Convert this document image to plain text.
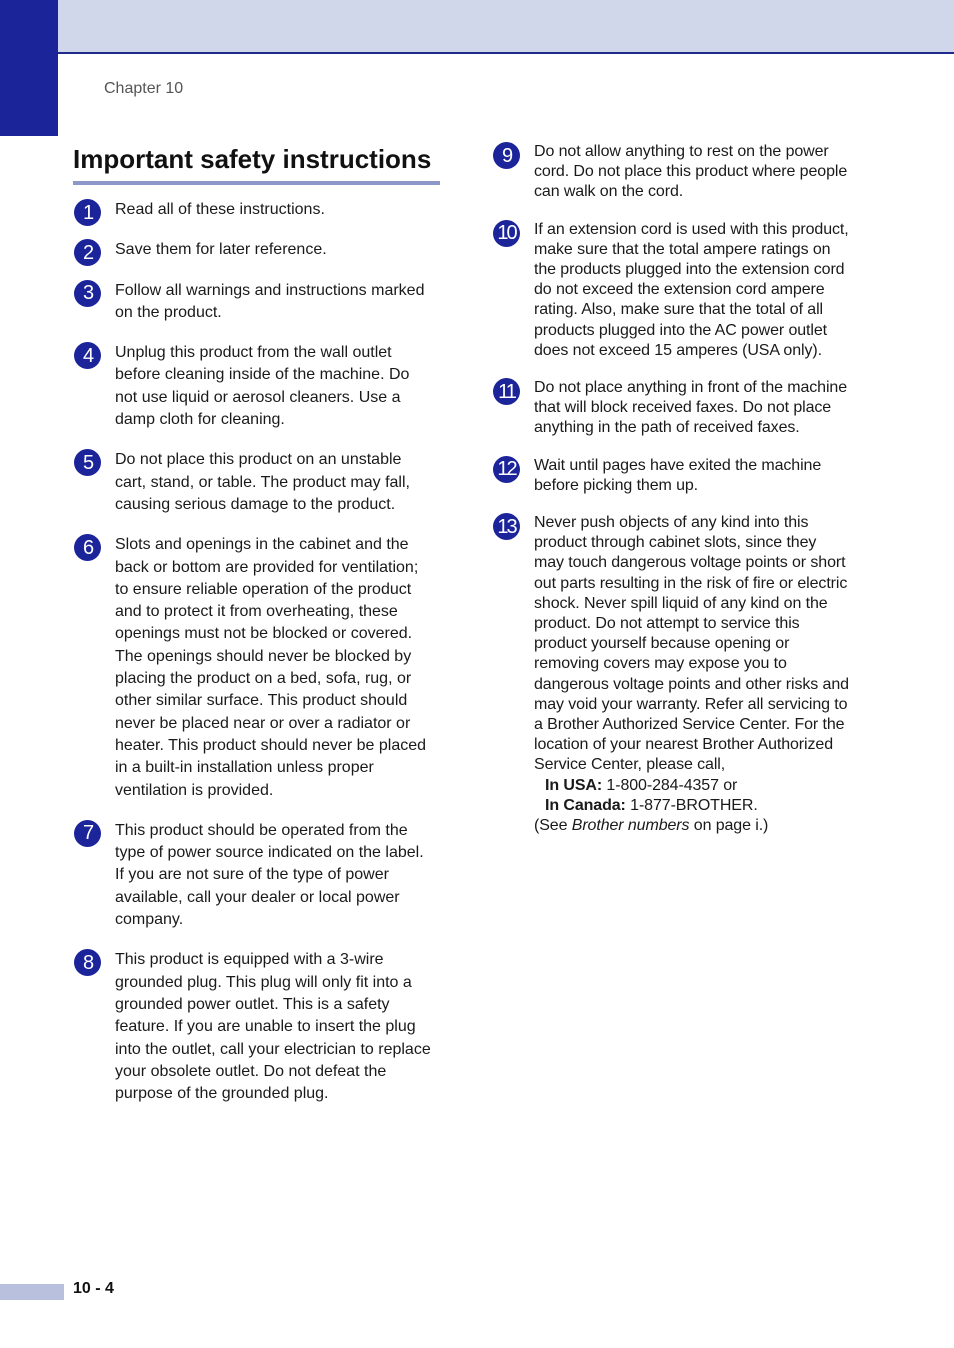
Chapter 10
Important safety instructions
1	Read all of these instructions.
2	Save them for later reference.
3	Follow all warnings and instructions marked
on the product.
4	Unplug this product from the wall outlet
before cleaning inside of the machine. Do
not use liquid or aerosol cleaners. Use a
damp cloth for cleaning.
5	Do not place this product on an unstable
cart, stand, or table. The product may fall,
causing serious damage to the product.
6	Slots and openings in the cabinet and the
back or bottom are provided for ventilation;
to ensure reliable operation of the product
and to protect it from overheating, these
openings must not be blocked or covered.
The openings should never be blocked by
placing the product on a bed, sofa, rug, or
other similar surface. This product should
never be placed near or over a radiator or
heater. This product should never be placed
in a built-in installation unless proper
ventilation is provided.
7	This product should be operated from the
type of power source indicated on the label.
If you are not sure of the type of power
available, call your dealer or local power
company.
8	This product is equipped with a 3-wire
grounded plug. This plug will only fit into a
grounded power outlet. This is a safety
feature. If you are unable to insert the plug
into the outlet, call your electrician to replace
your obsolete outlet. Do not defeat the
purpose of the grounded plug.
9	Do not allow anything to rest on the power
cord. Do not place this product where people
can walk on the cord.
10 If an extension cord is used with this product,
make sure that the total ampere ratings on
the products plugged into the extension cord
do not exceed the extension cord ampere
rating. Also, make sure that the total of all
products plugged into the AC power outlet
does not exceed 15 amperes (USA only).
11	Do not place anything in front of the machine
that will block received faxes. Do not place
anything in the path of received faxes.
12 Wait until pages have exited the machine
before picking them up.
13 Never push objects of any kind into this
product through cabinet slots, since they
may touch dangerous voltage points or short
out parts resulting in the risk of fire or electric
shock. Never spill liquid of any kind on the
product. Do not attempt to service this
product yourself because opening or
removing covers may expose you to
dangerous voltage points and other risks and
may void your warranty. Refer all servicing to
a Brother Authorized Service Center. For the
location of your nearest Brother Authorized
Service Center, please call,
In USA: 1-800-284-4357 or
In Canada: 1-877-BROTHER.
(See Brother numbers on page i.)
10 - 4
